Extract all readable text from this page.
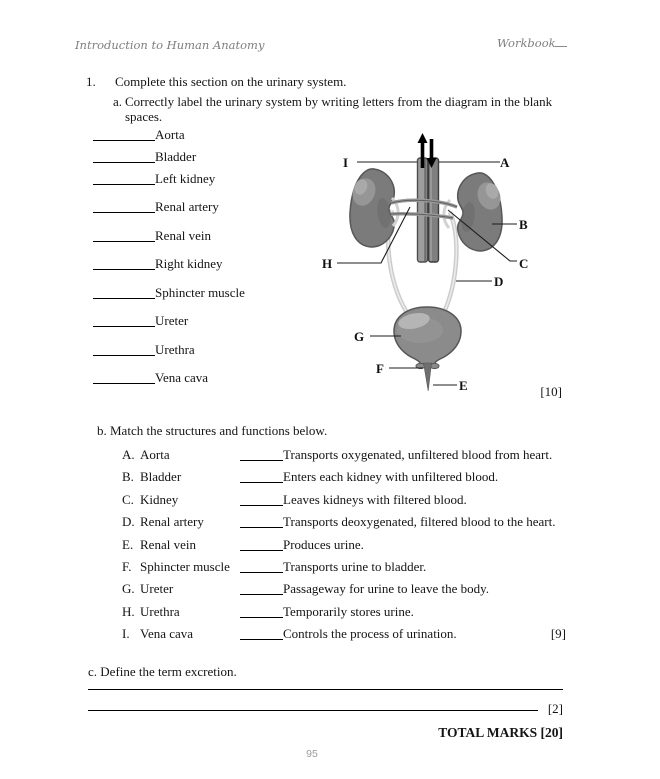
Introduction to Human Anatomy	Workbook
1. Complete this section on the urinary system.
a. Correctly label the urinary system by writing letters from the diagram in the blank
spaces.
Aorta
Bladder
Left kidney
Renal artery
Renal vein
Right kidney
Sphincter muscle
Ureter
Urethra
Vena cava
A
B
C
D
E
F
G
H
I
[10]
b. Match the structures and functions below.
A. Aorta	Transports oxygenated, unfiltered blood from heart.
B. Bladder	Enters each kidney with unfiltered blood.
C. Kidney	Leaves kidneys with filtered blood.
D. Renal artery	Transports deoxygenated, filtered blood to the heart.
E. Renal vein	Produces urine.
F. Sphincter muscle	Transports urine to bladder.
G. Ureter	Passageway for urine to leave the body.
H. Urethra	Temporarily stores urine.
I. Vena cava	Controls the process of urination.	[9]
c. Define the term excretion.
[2]
TOTAL MARKS [20]
95
